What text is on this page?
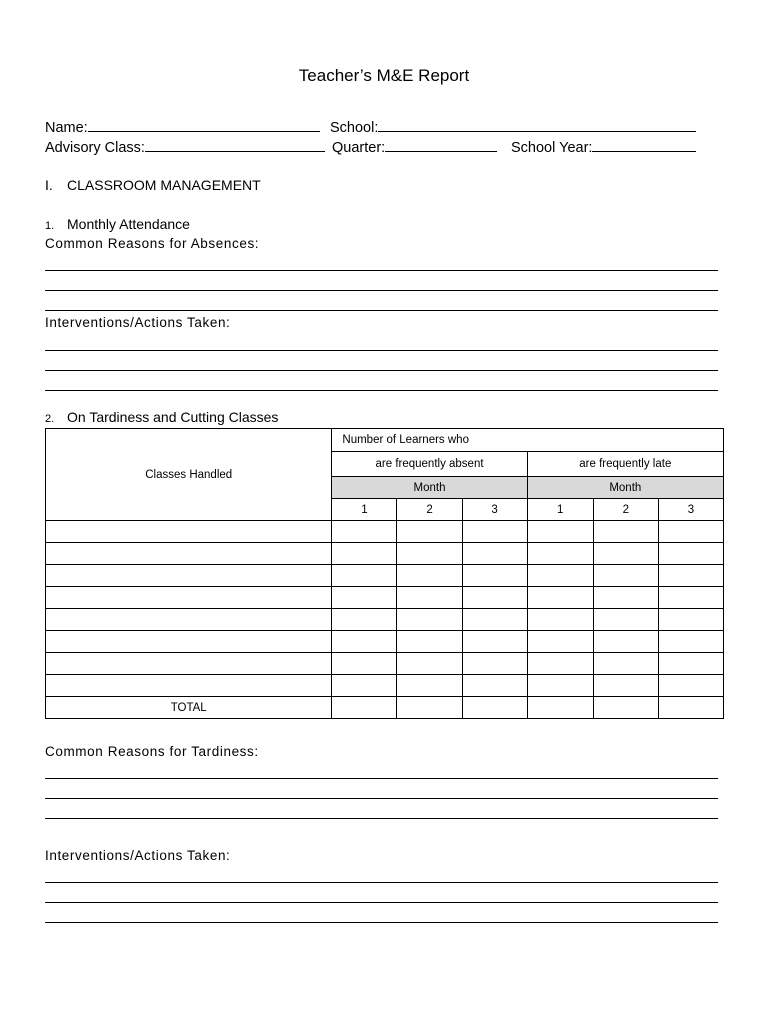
Teacher’s M&E Report
Name:	School:
Advisory Class:	Quarter:	School Year:
I. CLASSROOM MANAGEMENT
1. Monthly Attendance
Common Reasons for Absences:
Interventions/Actions Taken:
2. On Tardiness and Cutting Classes
Classes Handled	Number of Learners who					
	are frequently absent			are frequently late		
	Month			Month		
	1	2	3	1	2	3

TOTAL						
Common Reasons for Tardiness:
Interventions/Actions Taken:
